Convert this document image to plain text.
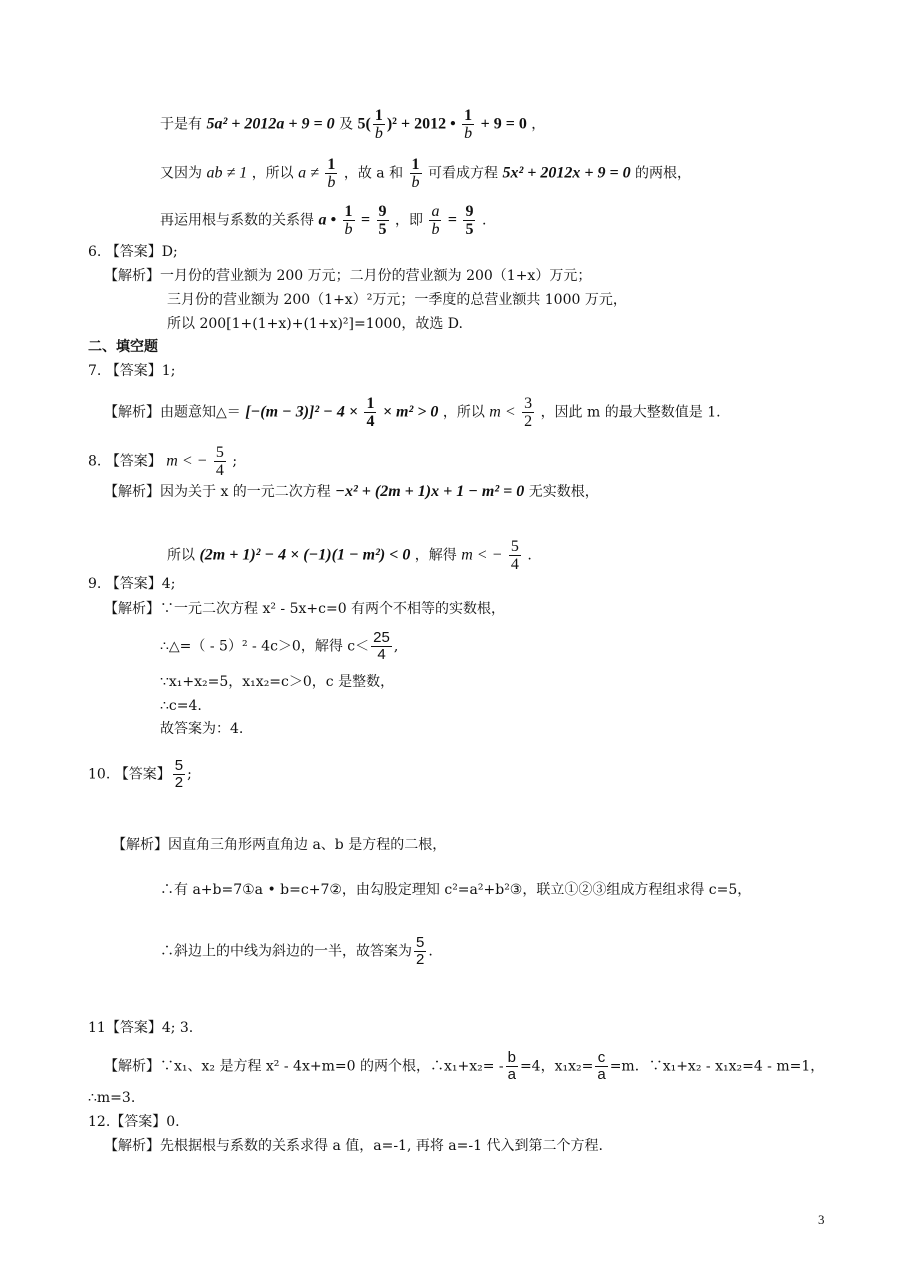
于是有 5a² + 2012a + 9 = 0 及 $5( \frac{1}{b} )^2 + 2012$ • $\frac{1}{b} + 9 = 0$ ，
又因为 ab ≠ 1 ，所以 $a \ne \frac{1}{b}$ ，故 a 和 $\frac{1}{b}$ 可看成方程 5x² + 2012x + 9 = 0 的两根，
再运用根与系数的关系得 a • $\frac{1}{b} = \frac{9}{5}$ ，即 $\frac{a}{b} = \frac{9}{5}$ .
6. 【答案】D;
【解析】一月份的营业额为 200 万元；二月份的营业额为 200（1+x）万元；
三月份的营业额为 200（1+x）²万元；一季度的总营业额共 1000 万元，
所以 200[1+(1+x)+(1+x)²]=1000，故选 D.
二、填空题
7. 【答案】1;
【解析】由题意知△＝ $[-(m - 3)]^2 - 4 \times \frac{1}{4} \times m^2 > 0$ ，所以 $m < \frac{3}{2}$ ，因此 m 的最大整数值是 1.
8. 【答案】 m < − $\frac{5}{4}$ ;
【解析】因为关于 x 的一元二次方程 −x² + (2m + 1)x + 1 − m² = 0 无实数根，
所以 (2m + 1)² − 4 × (−1)(1 − m²) < 0 ，解得 m < − $\frac{5}{4}$ .
9. 【答案】4;
【解析】∵一元二次方程 x² - 5x+c=0 有两个不相等的实数根，
∴△=（ - 5）² - 4c＞0，解得 $c< \frac{25}{4}$ ,
∵x₁+x₂=5，x₁x₂=c＞0，c 是整数，
∴c=4.
故答案为：4.
10. 【答案】 $\frac{5}{2}$ ;
【解析】因直角三角形两直角边 a、b 是方程的二根，
∴有 a+b=7①a • b=c+7②，由勾股定理知 c²=a²+b²③，联立①②③组成方程组求得 c=5，
∴斜边上的中线为斜边的一半，故答案为 $\frac{5}{2}$ .
11【答案】4; 3.
【解析】∵x₁、x₂ 是方程 x² - 4x+m=0 的两个根，∴x₁+x₂= - $\frac{b}{a} =4$，$x_1x_2= \frac{c}{a} =m$．∵x₁+x₂ - x₁x₂=4 - m=1，
∴m=3.
12.【答案】0.
【解析】先根据根与系数的关系求得 a 值，a=-1, 再将 a=-1 代入到第二个方程.
3
